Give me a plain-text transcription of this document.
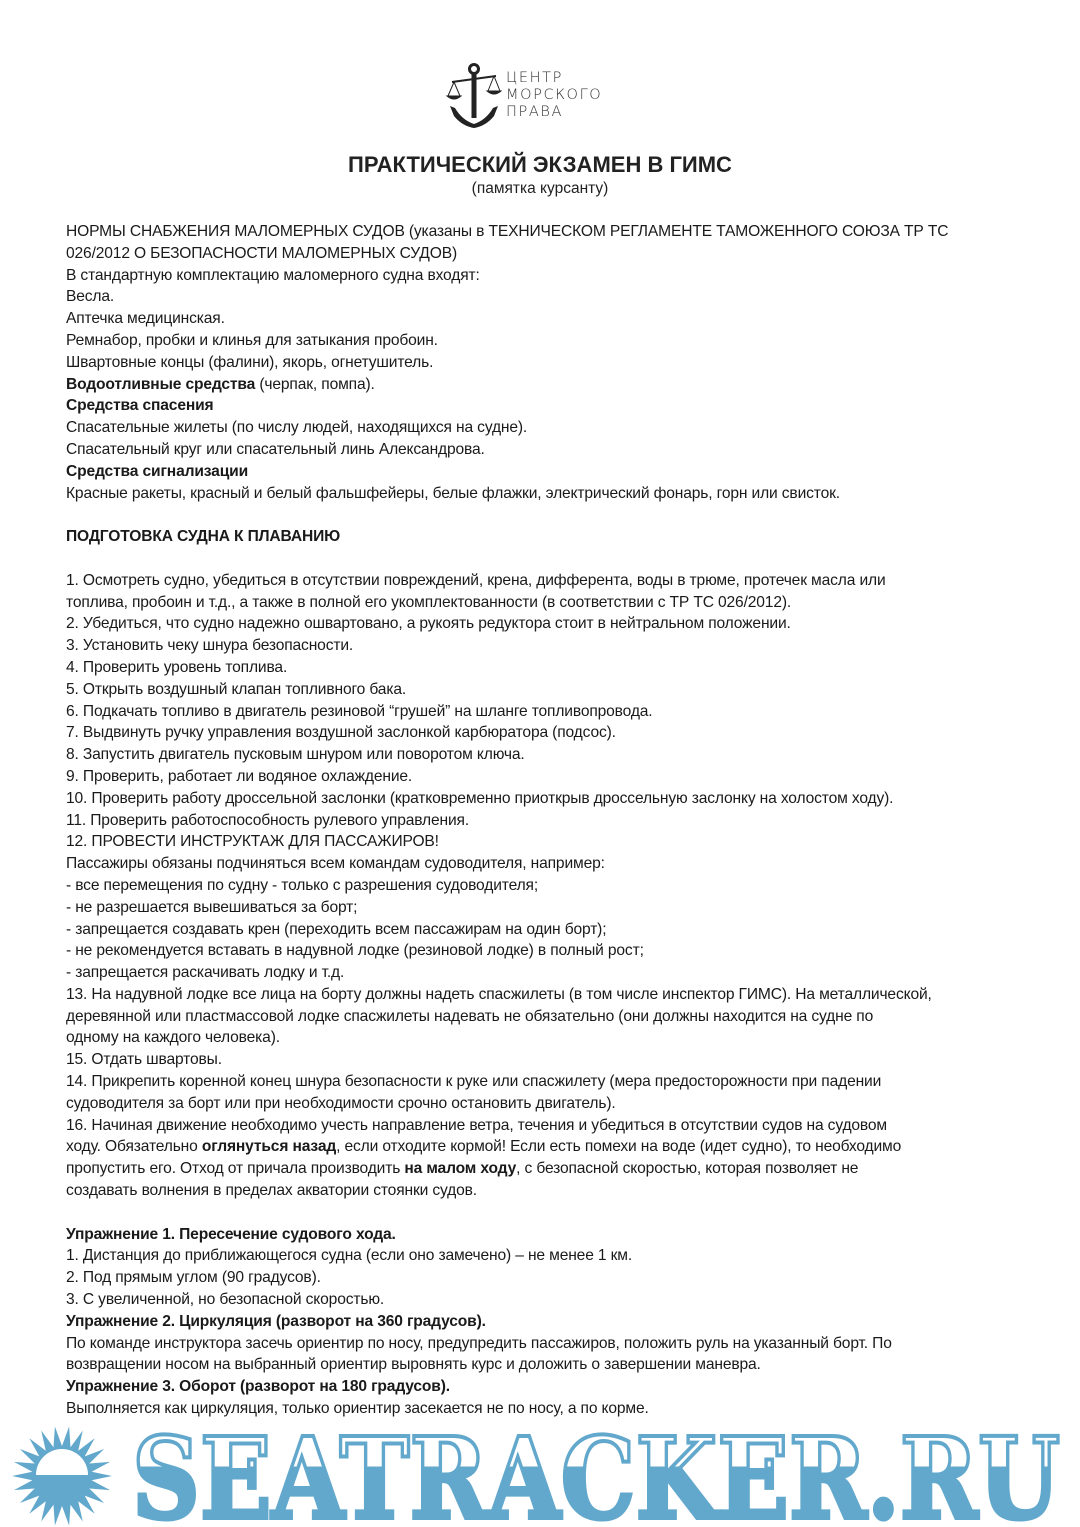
ЦЕНТР
МОРСКОГО
ПРАВА
ПРАКТИЧЕСКИЙ ЭКЗАМЕН В ГИМС
(памятка курсанту)
НОРМЫ СНАБЖЕНИЯ МАЛОМЕРНЫХ СУДОВ (указаны в ТЕХНИЧЕСКОМ РЕГЛАМЕНТЕ ТАМОЖЕННОГО СОЮЗА ТР ТС
026/2012 О БЕЗОПАСНОСТИ МАЛОМЕРНЫХ СУДОВ)
В стандартную комплектацию маломерного судна входят:
Весла.
Аптечка медицинская.
Ремнабор, пробки и клинья для затыкания пробоин.
Швартовные концы (фалини), якорь, огнетушитель.
Водоотливные средства (черпак, помпа).
Средства спасения
Спасательные жилеты (по числу людей, находящихся на судне).
Спасательный круг или спасательный линь Александрова.
Средства сигнализации
Красные ракеты, красный и белый фальшфейеры, белые флажки, электрический фонарь, горн или свисток.
ПОДГОТОВКА СУДНА К ПЛАВАНИЮ
1. Осмотреть судно, убедиться в отсутствии повреждений, крена, дифферента, воды в трюме, протечек масла или
топлива, пробоин и т.д., а также в полной его укомплектованности (в соответствии с ТР ТС 026/2012).
2. Убедиться, что судно надежно ошвартовано, а рукоять редуктора стоит в нейтральном положении.
3. Установить чеку шнура безопасности.
4. Проверить уровень топлива.
5. Открыть воздушный клапан топливного бака.
6. Подкачать топливо в двигатель резиновой “грушей” на шланге топливопровода.
7. Выдвинуть ручку управления воздушной заслонкой карбюратора (подсос).
8. Запустить двигатель пусковым шнуром или поворотом ключа.
9. Проверить, работает ли водяное охлаждение.
10. Проверить работу дроссельной заслонки (кратковременно приоткрыв дроссельную заслонку на холостом ходу).
11. Проверить работоспособность рулевого управления.
12. ПРОВЕСТИ ИНСТРУКТАЖ ДЛЯ ПАССАЖИРОВ!
Пассажиры обязаны подчиняться всем командам судоводителя, например:
- все перемещения по судну - только с разрешения судоводителя;
- не разрешается вывешиваться за борт;
- запрещается создавать крен (переходить всем пассажирам на один борт);
- не рекомендуется вставать в надувной лодке (резиновой лодке) в полный рост;
- запрещается раскачивать лодку и т.д.
13. На надувной лодке все лица на борту должны надеть спасжилеты (в том числе инспектор ГИМС). На металлической,
деревянной или пластмассовой лодке спасжилеты надевать не обязательно (они должны находится на судне по
одному на каждого человека).
15. Отдать швартовы.
14. Прикрепить коренной конец шнура безопасности к руке или спасжилету (мера предосторожности при падении
судоводителя за борт или при необходимости срочно остановить двигатель).
16. Начиная движение необходимо учесть направление ветра, течения и убедиться в отсутствии судов на судовом
ходу. Обязательно оглянуться назад, если отходите кормой! Если есть помехи на воде (идет судно), то необходимо
пропустить его. Отход от причала производить на малом ходу, с безопасной скоростью, которая позволяет не
создавать волнения в пределах акватории стоянки судов.
Упражнение 1. Пересечение судового хода.
1. Дистанция до приближающегося судна (если оно замечено) – не менее 1 км.
2. Под прямым углом (90 градусов).
3. С увеличенной, но безопасной скоростью.
Упражнение 2. Циркуляция (разворот на 360 градусов).
По команде инструктора засечь ориентир по носу, предупредить пассажиров, положить руль на указанный борт. По
возвращении носом на выбранный ориентир выровнять курс и доложить о завершении маневра.
Упражнение 3. Оборот (разворот на 180 градусов).
Выполняется как циркуляция, только ориентир засекается не по носу, а по корме.
SEATRACKER.RU
